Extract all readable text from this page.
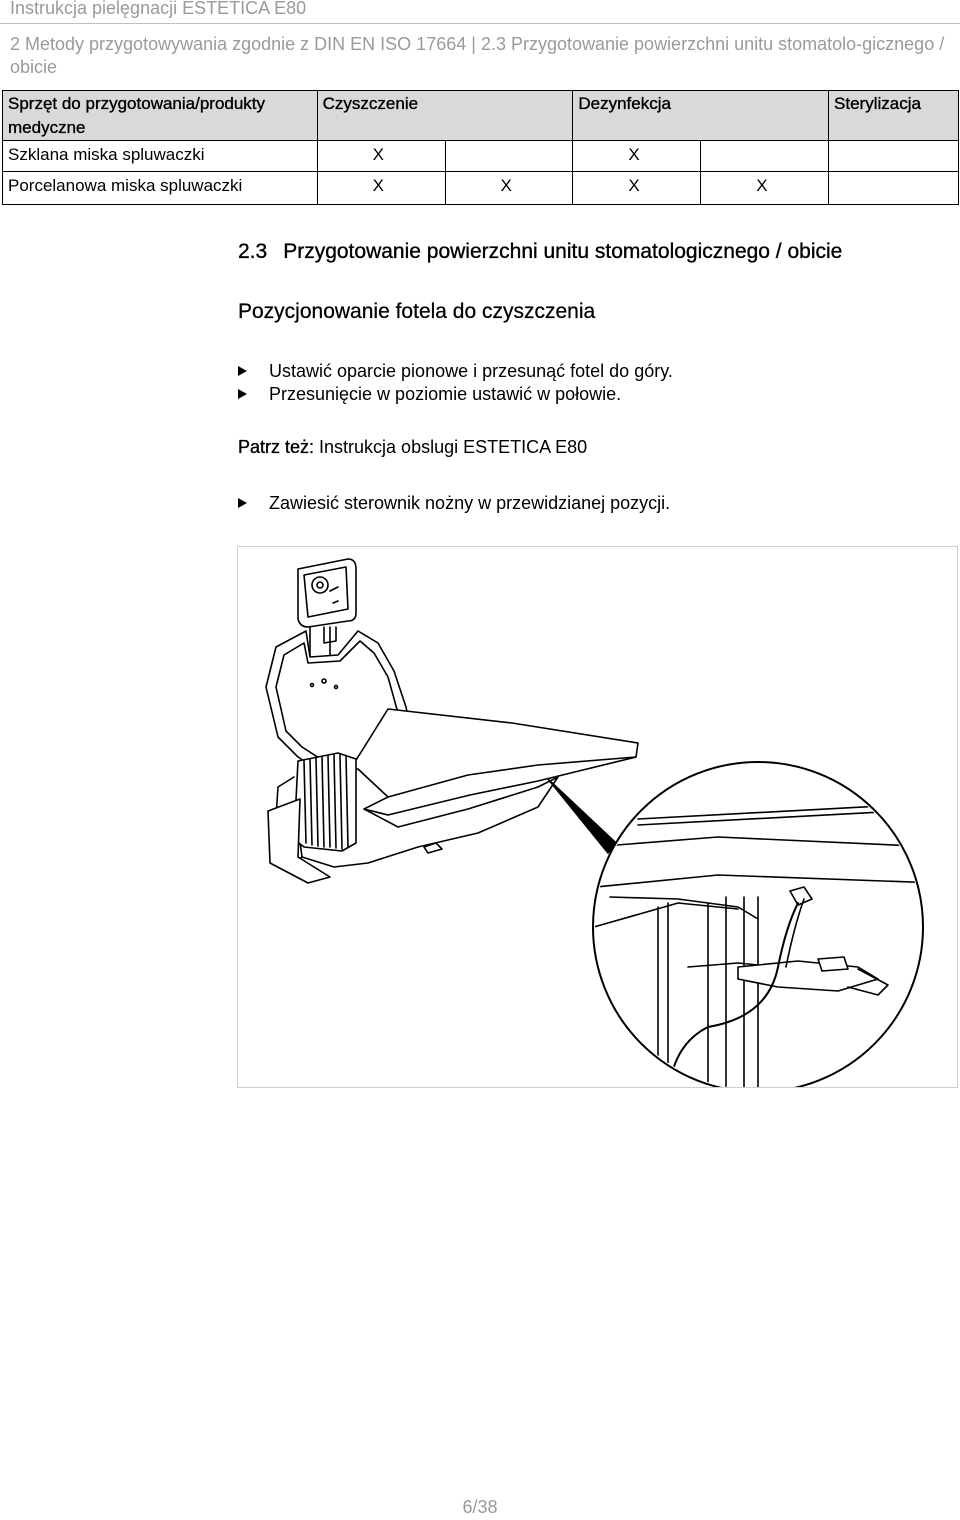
Instrukcja pielęgnacji ESTETICA E80
2 Metody przygotowywania zgodnie z DIN EN ISO 17664 | 2.3 Przygotowanie powierzchni unitu stomatolo-gicznego / obicie
Sprzęt do przygotowania/produkty medyczne	Czyszczenie		Dezynfekcja		Sterylizacja
Szklana miska spluwaczki	X		X		
Porcelanowa miska spluwaczki	X	X	X	X	
2.3 Przygotowanie powierzchni unitu stomatologicznego / obicie
Pozycjonowanie fotela do czyszczenia
Ustawić oparcie pionowe i przesunąć fotel do góry.
Przesunięcie w poziomie ustawić w połowie.
Patrz też: Instrukcja obslugi ESTETICA E80
Zawiesić sterownik nożny w przewidzianej pozycji.
6/38
